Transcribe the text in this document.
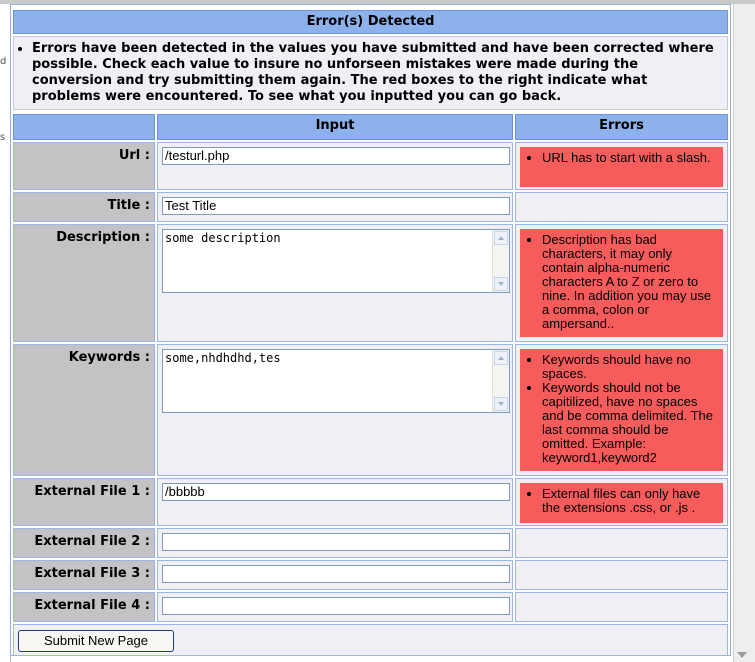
d
s
Error(s) Detected
• Errors have been detected in the values you have submitted and have been corrected where possible. Check each value to insure no unforseen mistakes were made during the conversion and try submitting them again. The red boxes to the right indicate what problems were encountered. To see what you inputted you can go back.
Input	Errors
Url :	/testurl.php	• URL has to start with a slash.
Title :	Test Title
Description :	some description	• Description has bad characters, it may only contain alpha-numeric characters A to Z or zero to nine. In addition you may use a comma, colon or ampersand..
Keywords :	some,nhdhdhd,tes	• Keywords should have no spaces.
• Keywords should not be capitilized, have no spaces and be comma delimited. The last comma should be omitted. Example: keyword1,keyword2
External File 1 :	/bbbbb	• External files can only have the extensions .css, or .js .
External File 2 :
External File 3 :
External File 4 :
Submit New Page
